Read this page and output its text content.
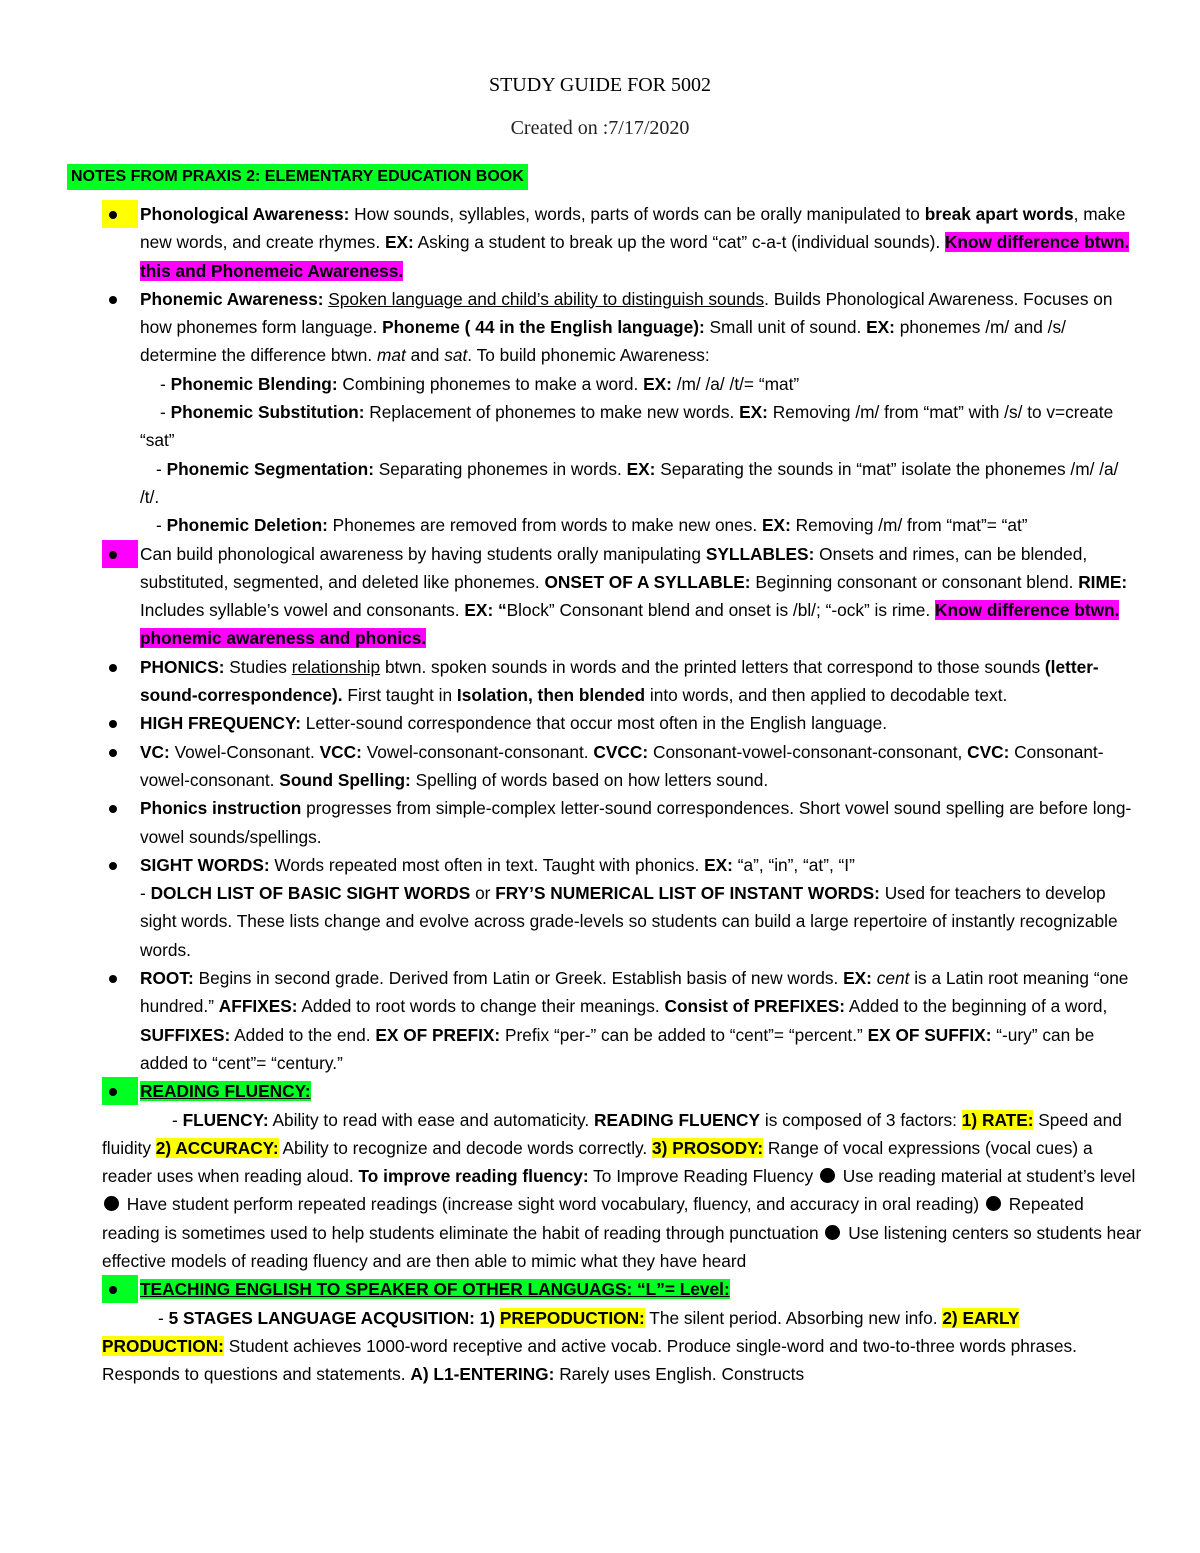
STUDY GUIDE FOR 5002
Created on :7/17/2020
NOTES FROM PRAXIS 2: ELEMENTARY EDUCATION BOOK
Phonological Awareness: How sounds, syllables, words, parts of words can be orally manipulated to break apart words, make new words, and create rhymes. EX: Asking a student to break up the word “cat” c-a-t (individual sounds). Know difference btwn. this and Phonemeic Awareness.
Phonemic Awareness: Spoken language and child’s ability to distinguish sounds. Builds Phonological Awareness. Focuses on how phonemes form language. Phoneme ( 44 in the English language): Small unit of sound. EX: phonemes /m/ and /s/ determine the difference btwn. mat and sat. To build phonemic Awareness:
- Phonemic Blending: Combining phonemes to make a word. EX: /m/ /a/ /t/= “mat”
- Phonemic Substitution: Replacement of phonemes to make new words. EX: Removing /m/ from “mat” with /s/ to v=create “sat”
- Phonemic Segmentation: Separating phonemes in words. EX: Separating the sounds in “mat” isolate the phonemes /m/ /a/ /t/.
- Phonemic Deletion: Phonemes are removed from words to make new ones. EX: Removing /m/ from “mat”= “at”
Can build phonological awareness by having students orally manipulating SYLLABLES: Onsets and rimes, can be blended, substituted, segmented, and deleted like phonemes. ONSET OF A SYLLABLE: Beginning consonant or consonant blend. RIME: Includes syllable’s vowel and consonants. EX: “Block” Consonant blend and onset is /bl/; “-ock” is rime. Know difference btwn. phonemic awareness and phonics.
PHONICS: Studies relationship btwn. spoken sounds in words and the printed letters that correspond to those sounds (letter-sound-correspondence). First taught in Isolation, then blended into words, and then applied to decodable text.
HIGH FREQUENCY: Letter-sound correspondence that occur most often in the English language.
VC: Vowel-Consonant. VCC: Vowel-consonant-consonant. CVCC: Consonant-vowel-consonant-consonant, CVC: Consonant-vowel-consonant. Sound Spelling: Spelling of words based on how letters sound.
Phonics instruction progresses from simple-complex letter-sound correspondences. Short vowel sound spelling are before long-vowel sounds/spellings.
SIGHT WORDS: Words repeated most often in text. Taught with phonics. EX: “a”, “in”, “at”, “I”
- DOLCH LIST OF BASIC SIGHT WORDS or FRY’S NUMERICAL LIST OF INSTANT WORDS: Used for teachers to develop sight words. These lists change and evolve across grade-levels so students can build a large repertoire of instantly recognizable words.
ROOT: Begins in second grade. Derived from Latin or Greek. Establish basis of new words. EX: cent is a Latin root meaning “one hundred.” AFFIXES: Added to root words to change their meanings. Consist of PREFIXES: Added to the beginning of a word, SUFFIXES: Added to the end. EX OF PREFIX: Prefix “per-” can be added to “cent”= “percent.” EX OF SUFFIX: “-ury” can be added to “cent”= “century.”
READING FLUENCY:
- FLUENCY: Ability to read with ease and automaticity. READING FLUENCY is composed of 3 factors: 1) RATE: Speed and fluidity 2) ACCURACY: Ability to recognize and decode words correctly. 3) PROSODY: Range of vocal expressions (vocal cues) a reader uses when reading aloud. To improve reading fluency: To Improve Reading Fluency  Use reading material at student’s level  Have student perform repeated readings (increase sight word vocabulary, fluency, and accuracy in oral reading)  Repeated reading is sometimes used to help students eliminate the habit of reading through punctuation  Use listening centers so students hear effective models of reading fluency and are then able to mimic what they have heard
TEACHING ENGLISH TO SPEAKER OF OTHER LANGUAGS: “L”= Level:
- 5 STAGES LANGUAGE ACQUSITION: 1) PREPODUCTION: The silent period. Absorbing new info. 2) EARLY PRODUCTION: Student achieves 1000-word receptive and active vocab. Produce single-word and two-to-three words phrases. Responds to questions and statements. A) L1-ENTERING: Rarely uses English. Constructs
